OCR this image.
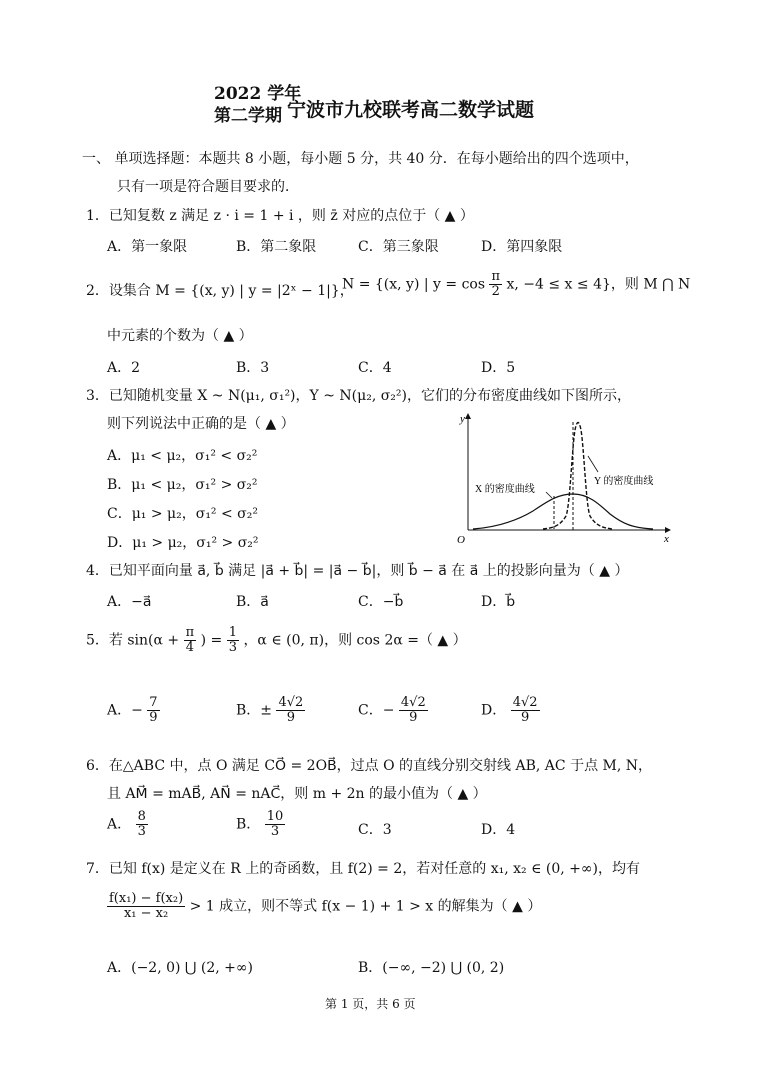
2022 学年
第二学期 宁波市九校联考高二数学试题
一、 单项选择题：本题共 8 小题，每小题 5 分，共 40 分．在每小题给出的四个选项中，
只有一项是符合题目要求的．
1．已知复数 z 满足 z · i = 1 + i ，则 z̄ 对应的点位于（ ▲ ）
A．第一象限	B．第二象限	C．第三象限	D．第四象限
2．设集合 M = {(x, y) | y = |2ˣ − 1|}，
N = {(x, y) | $y = \cos \frac{\pi}{2} x$, −4 ≤ x ≤ 4}，则 M ⋂ N
中元素的个数为（ ▲ ）
A．2	B．3	C．4	D．5
3．已知随机变量 X ~ N(μ₁, σ₁²)，Y ~ N(μ₂, σ₂²)，它们的分布密度曲线如下图所示，
则下列说法中正确的是（ ▲ ）
A．μ₁ < μ₂，σ₁² < σ₂²
B．μ₁ < μ₂，σ₁² > σ₂²
C．μ₁ > μ₂，σ₁² < σ₂²
D．μ₁ > μ₂，σ₁² > σ₂²
y
x
O
Y 的密度曲线
X 的密度曲线
4．已知平面向量 a⃗, b⃗ 满足 |a⃗ + b⃗| = |a⃗ − b⃗|，则 b⃗ − a⃗ 在 a⃗ 上的投影向量为（ ▲ ）
A．−a⃗	B．a⃗	C．−b⃗	D．b⃗
5．若 $\sin(\alpha + \frac{\pi}{4}$ ) = $\frac{1}{3}$ ，α ∈ (0, π)，则 cos 2α =（ ▲ ）
A．− $\frac{7}{9}$	B．± $\frac{4√2}{9}$	C．− $\frac{4√2}{9}$	D． $\frac{4√2}{9}$
6．在△ABC 中，点 O 满足 CO⃗ = 2OB⃗，过点 O 的直线分别交射线 AB, AC 于点 M, N，
且 AM⃗ = mAB⃗, AN⃗ = nAC⃗，则 m + 2n 的最小值为（ ▲ ）
A． $\frac{8}{3}$	B． $\frac{10}{3}$	C．3	D．4
7．已知 f(x) 是定义在 R 上的奇函数，且 f(2) = 2，若对任意的 x₁, x₂ ∈ (0, +∞)，均有
$\frac{\text{f(x₁) − f(x₂)}}{\text{x₁ − x₂}} > 1$ 成立，则不等式 f(x − 1) + 1 > x 的解集为（ ▲ ）
A．(−2, 0) ⋃ (2, +∞)	B．(−∞, −2) ⋃ (0, 2)
第 1 页，共 6 页
